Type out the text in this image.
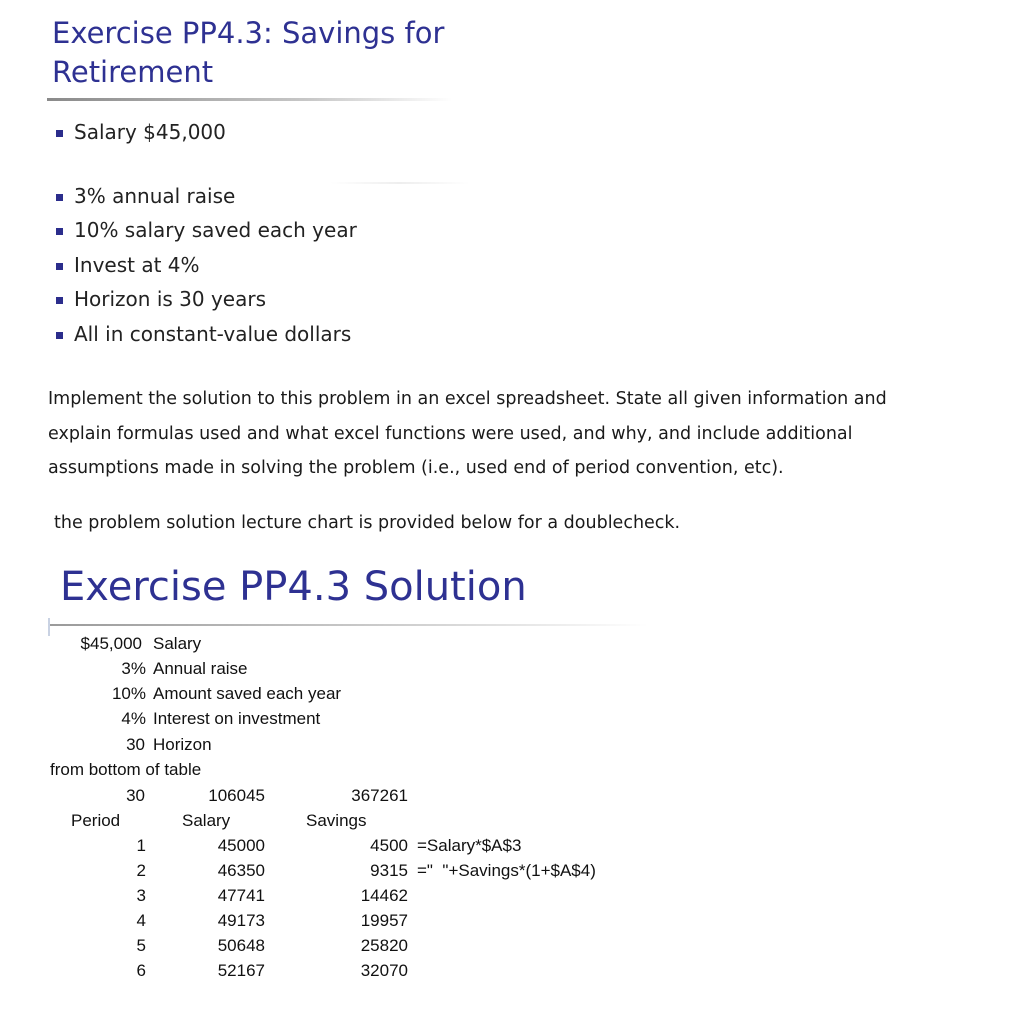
Exercise PP4.3: Savings for
Retirement
Salary $45,000
3% annual raise
10% salary saved each year
Invest at 4%
Horizon is 30 years
All in constant-value dollars
Implement the solution to this problem in an excel spreadsheet. State all given information and
explain formulas used and what excel functions were used, and why, and include additional
assumptions made in solving the problem (i.e., used end of period convention, etc).
the problem solution lecture chart is provided below for a doublecheck.
Exercise PP4.3 Solution
$45,000 Salary
3% Annual raise
10% Amount saved each year
4% Interest on investment
30 Horizon
from bottom of table
30	106045	367261
Period	Salary	Savings
1	45000	4500 =Salary*$A$3
2	46350	9315 ="  "+Savings*(1+$A$4)
3	47741	14462
4	49173	19957
5	50648	25820
6	52167	32070
